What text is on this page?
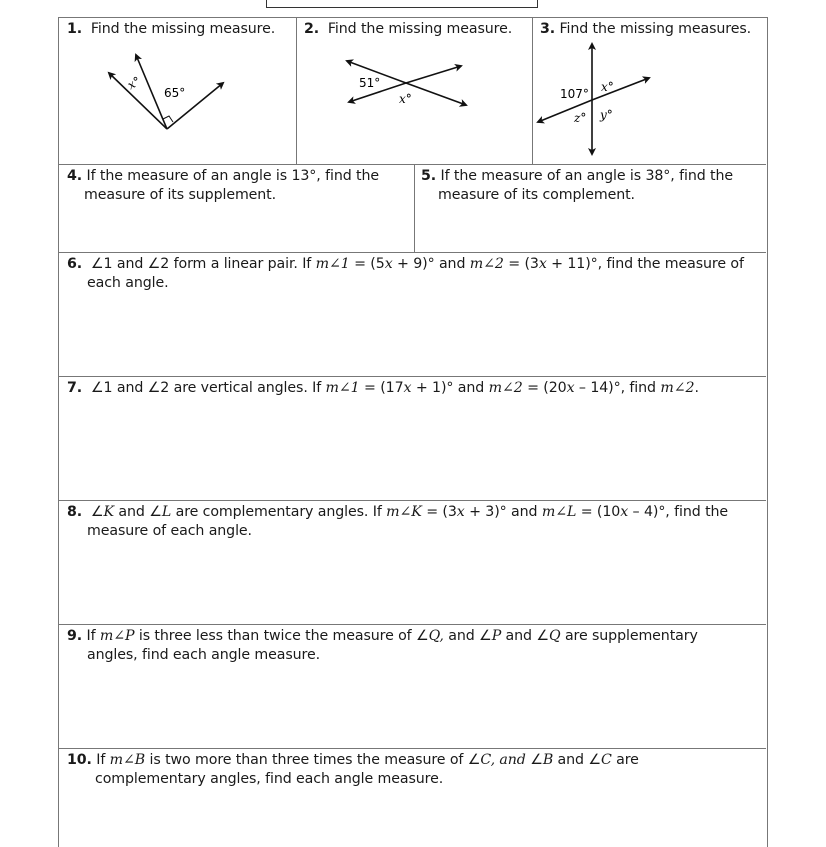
1. Find the missing measure.
x°
65°
2. Find the missing measure.
51°
x°
3. Find the missing measures.
107° x°
z° y°
4. If the measure of an angle is 13°, find the
measure of its supplement.
5. If the measure of an angle is 38°, find the
measure of its complement.
6. ∠1 and ∠2 form a linear pair. If m∠1 = (5x + 9)° and m∠2 = (3x + 11)°, find the measure of
each angle.
7. ∠1 and ∠2 are vertical angles. If m∠1 = (17x + 1)° and m∠2 = (20x – 14)°, find m∠2.
8. ∠K and ∠L are complementary angles. If m∠K = (3x + 3)° and m∠L = (10x – 4)°, find the
measure of each angle.
9. If m∠P is three less than twice the measure of ∠Q, and ∠P and ∠Q are supplementary
angles, find each angle measure.
10. If m∠B is two more than three times the measure of ∠C, and ∠B and ∠C are
complementary angles, find each angle measure.
